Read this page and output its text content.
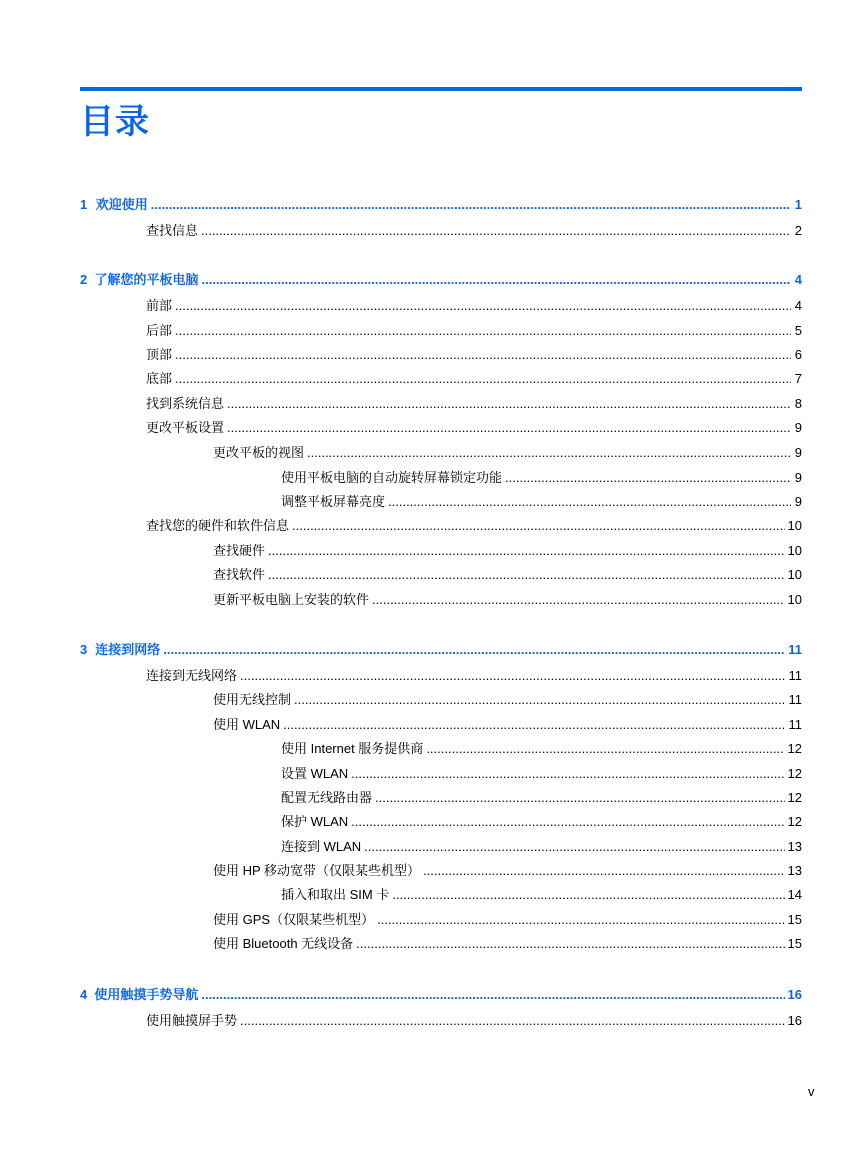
目录
1 欢迎使用 .....	1
查找信息 .....	2
2 了解您的平板电脑 .....	4
前部 .....	4
后部 .....	5
顶部 .....	6
底部 .....	7
找到系统信息 .....	8
更改平板设置 .....	9
更改平板的视图 .....	9
使用平板电脑的自动旋转屏幕锁定功能 .....	9
调整平板屏幕亮度 .....	9
查找您的硬件和软件信息 .....	10
查找硬件 .....	10
查找软件 .....	10
更新平板电脑上安装的软件 .....	10
3 连接到网络 .....	11
连接到无线网络 .....	11
使用无线控制 .....	11
使用 WLAN .....	11
使用 Internet 服务提供商 .....	12
设置 WLAN .....	12
配置无线路由器 .....	12
保护 WLAN .....	12
连接到 WLAN .....	13
使用 HP 移动宽带（仅限某些机型） .....	13
插入和取出 SIM 卡 .....	14
使用 GPS（仅限某些机型） .....	15
使用 Bluetooth 无线设备 .....	15
4 使用触摸手势导航 .....	16
使用触摸屏手势 .....	16
v
